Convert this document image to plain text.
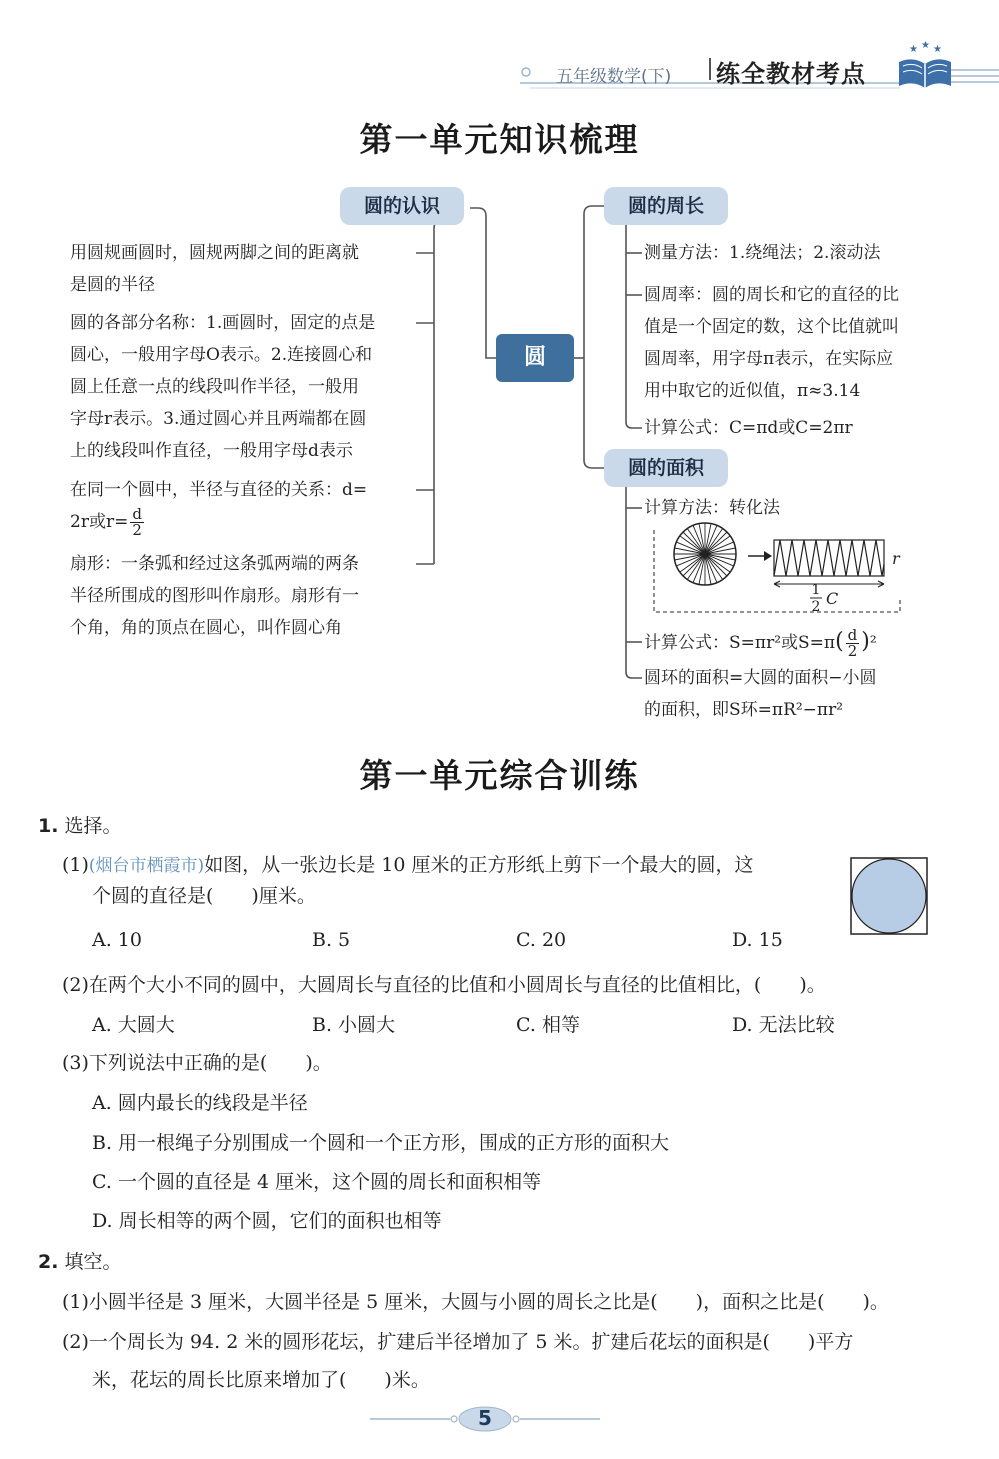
五年级数学(下) 练全教材考点
★ ★ ★
第一单元知识梳理
圆的认识	圆的周长
圆
圆的面积
用圆规画圆时，圆规两脚之间的距离就
是圆的半径
圆的各部分名称：1.画圆时，固定的点是
圆心，一般用字母O表示。2.连接圆心和
圆上任意一点的线段叫作半径，一般用
字母r表示。3.通过圆心并且两端都在圆
上的线段叫作直径，一般用字母d表示
在同一个圆中，半径与直径的关系：d=
2r或$r= \frac{d}{2}$
扇形：一条弧和经过这条弧两端的两条
半径所围成的图形叫作扇形。扇形有一
个角，角的顶点在圆心，叫作圆心角
测量方法：1.绕绳法；2.滚动法
圆周率：圆的周长和它的直径的比
值是一个固定的数，这个比值就叫
圆周率，用字母π表示，在实际应
用中取它的近似值，π≈3.14
计算公式：C=πd或C=2πr
计算方法：转化法
r
1
2 C
计算公式：S=πr²或$S=\pi( \frac{d}{2} )^2$
圆环的面积=大圆的面积−小圆
的面积，即S环=πR²−πr²
第一单元综合训练
1. 选择。
(1)(烟台市栖霞市)如图，从一张边长是 10 厘米的正方形纸上剪下一个最大的圆，这
个圆的直径是(　　)厘米。
A. 10	B. 5	C. 20	D. 15
(2)在两个大小不同的圆中，大圆周长与直径的比值和小圆周长与直径的比值相比，(　　)。
A. 大圆大	B. 小圆大	C. 相等	D. 无法比较
(3)下列说法中正确的是(　　)。
A. 圆内最长的线段是半径
B. 用一根绳子分别围成一个圆和一个正方形，围成的正方形的面积大
C. 一个圆的直径是 4 厘米，这个圆的周长和面积相等
D. 周长相等的两个圆，它们的面积也相等
2. 填空。
(1)小圆半径是 3 厘米，大圆半径是 5 厘米，大圆与小圆的周长之比是(　　)，面积之比是(　　)。
(2)一个周长为 94. 2 米的圆形花坛，扩建后半径增加了 5 米。扩建后花坛的面积是(　　)平方
米，花坛的周长比原来增加了(　　)米。
5
